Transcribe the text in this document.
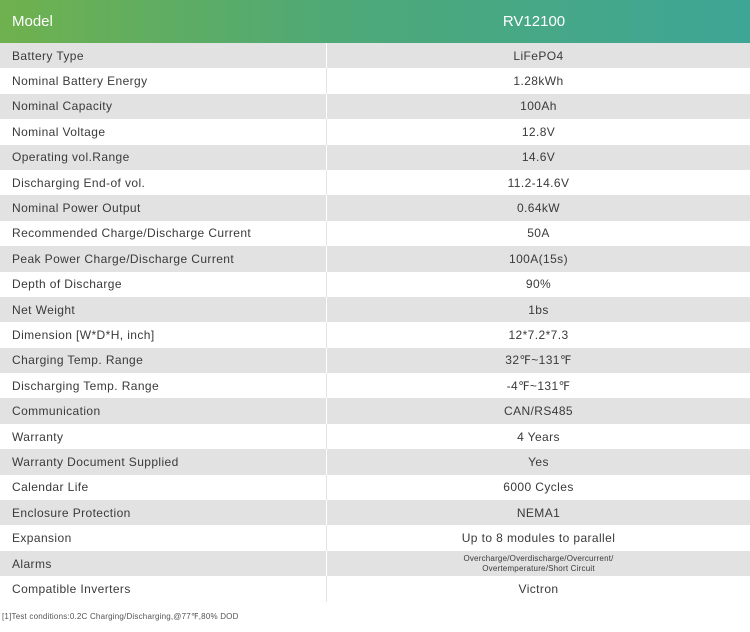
Model	RV12100
Battery Type	LiFePO4
Nominal Battery Energy	1.28kWh
Nominal Capacity	100Ah
Nominal Voltage	12.8V
Operating vol.Range	14.6V
Discharging End-of vol.	11.2-14.6V
Nominal Power Output	0.64kW
Recommended Charge/Discharge Current	50A
Peak Power Charge/Discharge Current	100A(15s)
Depth of Discharge	90%
Net Weight	1bs
Dimension [W*D*H, inch]	12*7.2*7.3
Charging Temp. Range	32℉~131℉
Discharging Temp. Range	-4℉~131℉
Communication	CAN/RS485
Warranty	4 Years
Warranty Document Supplied	Yes
Calendar Life	6000 Cycles
Enclosure Protection	NEMA1
Expansion	Up to 8 modules to parallel
Alarms	Overcharge/Overdischarge/Overcurrent/
Overtemperature/Short Circuit
Compatible Inverters	Victron
[1]Test conditions:0.2C Charging/Discharging,@77℉,80% DOD
